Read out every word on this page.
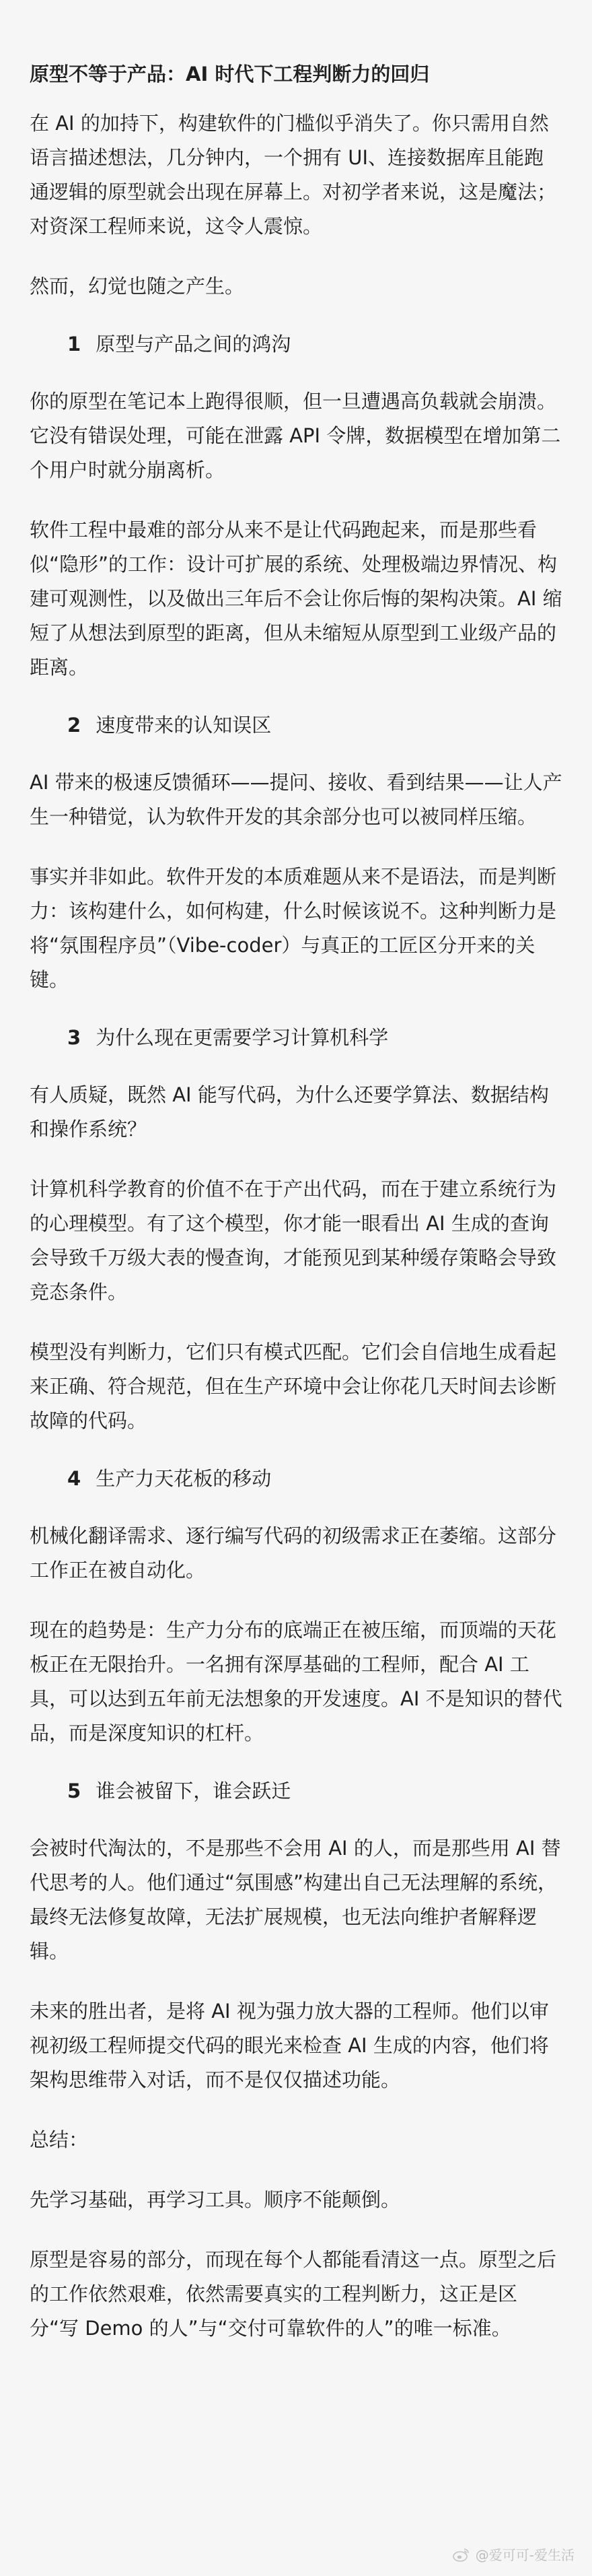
原型不等于产品：AI 时代下工程判断力的回归

在 AI 的加持下，构建软件的门槛似乎消失了。你只需用自然语言描述想法，几分钟内，一个拥有 UI、连接数据库且能跑通逻辑的原型就会出现在屏幕上。对初学者来说，这是魔法；对资深工程师来说，这令人震惊。

然而，幻觉也随之产生。

1 原型与产品之间的鸿沟

你的原型在笔记本上跑得很顺，但一旦遭遇高负载就会崩溃。它没有错误处理，可能在泄露 API 令牌，数据模型在增加第二个用户时就分崩离析。

软件工程中最难的部分从来不是让代码跑起来，而是那些看似“隐形”的工作：设计可扩展的系统、处理极端边界情况、构建可观测性，以及做出三年后不会让你后悔的架构决策。AI 缩短了从想法到原型的距离，但从未缩短从原型到工业级产品的距离。

2 速度带来的认知误区

AI 带来的极速反馈循环——提问、接收、看到结果——让人产生一种错觉，认为软件开发的其余部分也可以被同样压缩。

事实并非如此。软件开发的本质难题从来不是语法，而是判断力：该构建什么，如何构建，什么时候该说不。这种判断力是将“氛围程序员”（Vibe-coder）与真正的工匠区分开来的关键。

3 为什么现在更需要学习计算机科学

有人质疑，既然 AI 能写代码，为什么还要学算法、数据结构和操作系统？

计算机科学教育的价值不在于产出代码，而在于建立系统行为的心理模型。有了这个模型，你才能一眼看出 AI 生成的查询会导致千万级大表的慢查询，才能预见到某种缓存策略会导致竞态条件。

模型没有判断力，它们只有模式匹配。它们会自信地生成看起来正确、符合规范，但在生产环境中会让你花几天时间去诊断故障的代码。

4 生产力天花板的移动

机械化翻译需求、逐行编写代码的初级需求正在萎缩。这部分工作正在被自动化。

现在的趋势是：生产力分布的底端正在被压缩，而顶端的天花板正在无限抬升。一名拥有深厚基础的工程师，配合 AI 工具，可以达到五年前无法想象的开发速度。AI 不是知识的替代品，而是深度知识的杠杆。

5 谁会被留下，谁会跃迁

会被时代淘汰的，不是那些不会用 AI 的人，而是那些用 AI 替代思考的人。他们通过“氛围感”构建出自己无法理解的系统，最终无法修复故障，无法扩展规模，也无法向维护者解释逻辑。

未来的胜出者，是将 AI 视为强力放大器的工程师。他们以审视初级工程师提交代码的眼光来检查 AI 生成的内容，他们将架构思维带入对话，而不是仅仅描述功能。

总结：

先学习基础，再学习工具。顺序不能颠倒。

原型是容易的部分，而现在每个人都能看清这一点。原型之后的工作依然艰难，依然需要真实的工程判断力，这正是区分“写 Demo 的人”与“交付可靠软件的人”的唯一标准。

@爱可可-爱生活
